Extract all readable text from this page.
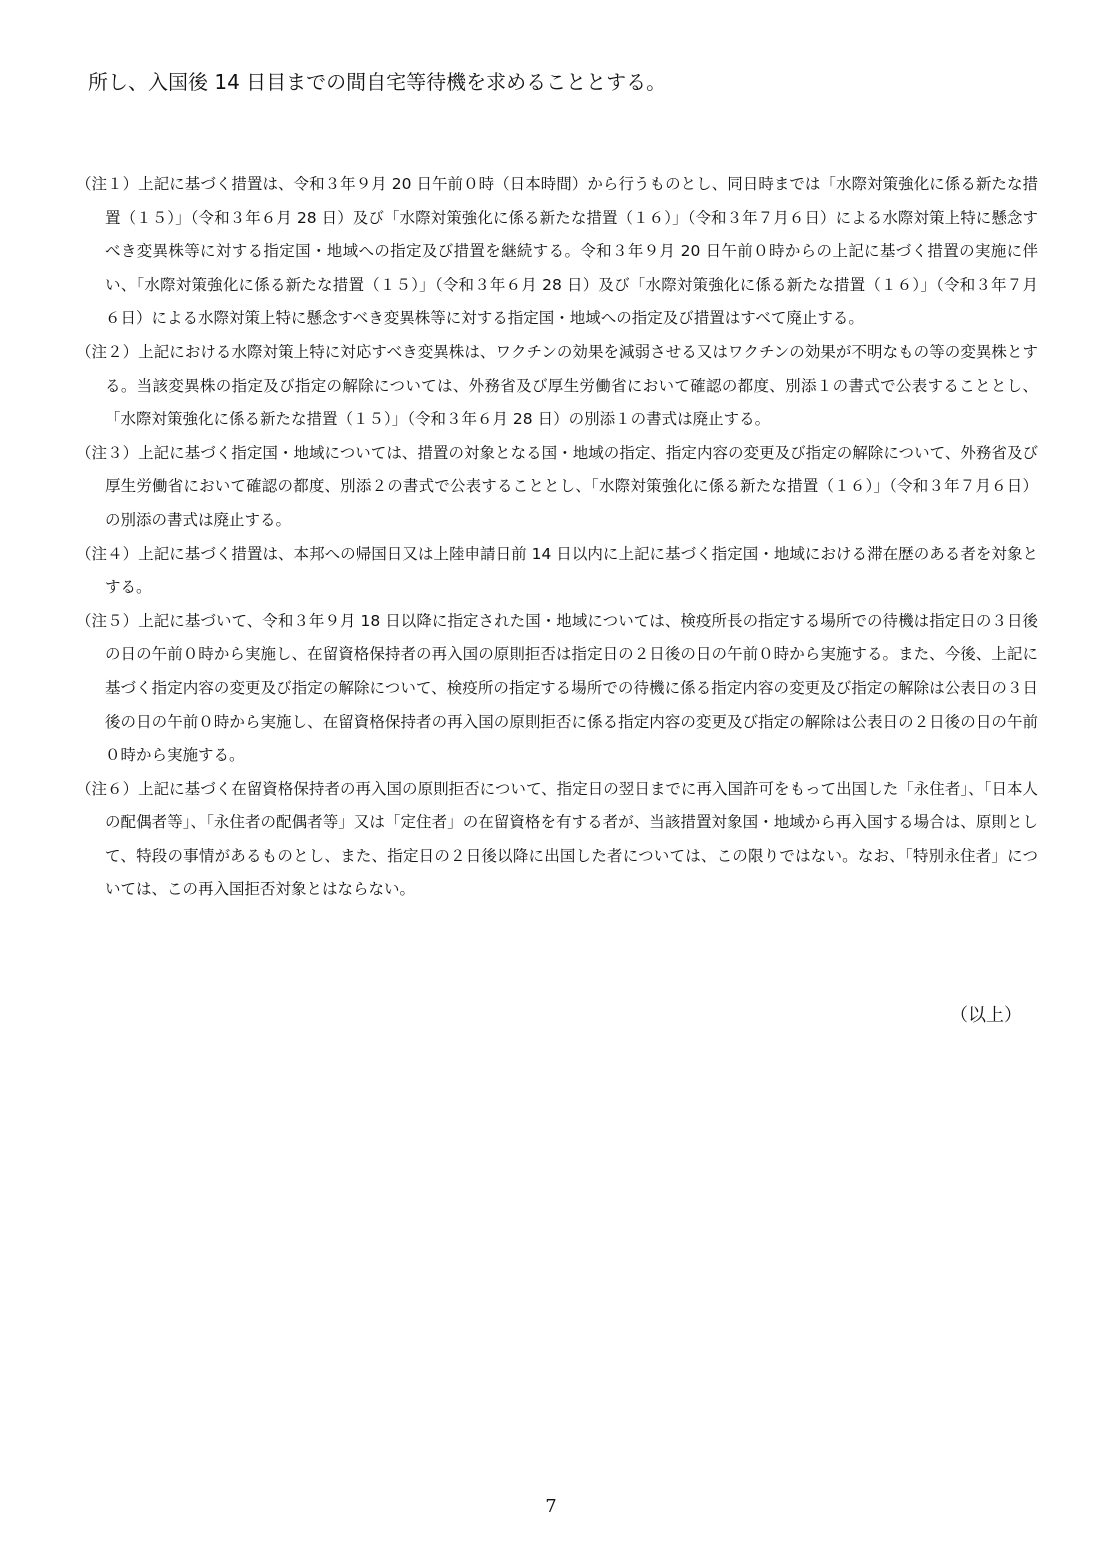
所し、入国後 14 日目までの間自宅等待機を求めることとする。

（注１）上記に基づく措置は、令和３年９月 20 日午前０時（日本時間）から行うものとし、同日時までは「水際対策強化に係る新たな措置（１５）」（令和３年６月 28 日）及び「水際対策強化に係る新たな措置（１６）」（令和３年７月６日）による水際対策上特に懸念すべき変異株等に対する指定国・地域への指定及び措置を継続する。令和３年９月 20 日午前０時からの上記に基づく措置の実施に伴い、「水際対策強化に係る新たな措置（１５）」（令和３年６月 28 日）及び「水際対策強化に係る新たな措置（１６）」（令和３年７月６日）による水際対策上特に懸念すべき変異株等に対する指定国・地域への指定及び措置はすべて廃止する。

（注２）上記における水際対策上特に対応すべき変異株は、ワクチンの効果を減弱させる又はワクチンの効果が不明なもの等の変異株とする。当該変異株の指定及び指定の解除については、外務省及び厚生労働省において確認の都度、別添１の書式で公表することとし、「水際対策強化に係る新たな措置（１５）」（令和３年６月 28 日）の別添１の書式は廃止する。

（注３）上記に基づく指定国・地域については、措置の対象となる国・地域の指定、指定内容の変更及び指定の解除について、外務省及び厚生労働省において確認の都度、別添２の書式で公表することとし、「水際対策強化に係る新たな措置（１６）」（令和３年７月６日）の別添の書式は廃止する。

（注４）上記に基づく措置は、本邦への帰国日又は上陸申請日前 14 日以内に上記に基づく指定国・地域における滞在歴のある者を対象とする。

（注５）上記に基づいて、令和３年９月 18 日以降に指定された国・地域については、検疫所長の指定する場所での待機は指定日の３日後の日の午前０時から実施し、在留資格保持者の再入国の原則拒否は指定日の２日後の日の午前０時から実施する。また、今後、上記に基づく指定内容の変更及び指定の解除について、検疫所の指定する場所での待機に係る指定内容の変更及び指定の解除は公表日の３日後の日の午前０時から実施し、在留資格保持者の再入国の原則拒否に係る指定内容の変更及び指定の解除は公表日の２日後の日の午前０時から実施する。

（注６）上記に基づく在留資格保持者の再入国の原則拒否について、指定日の翌日までに再入国許可をもって出国した「永住者」、「日本人の配偶者等」、「永住者の配偶者等」又は「定住者」の在留資格を有する者が、当該措置対象国・地域から再入国する場合は、原則として、特段の事情があるものとし、また、指定日の２日後以降に出国した者については、この限りではない。なお、「特別永住者」については、この再入国拒否対象とはならない。

（以上）
7
